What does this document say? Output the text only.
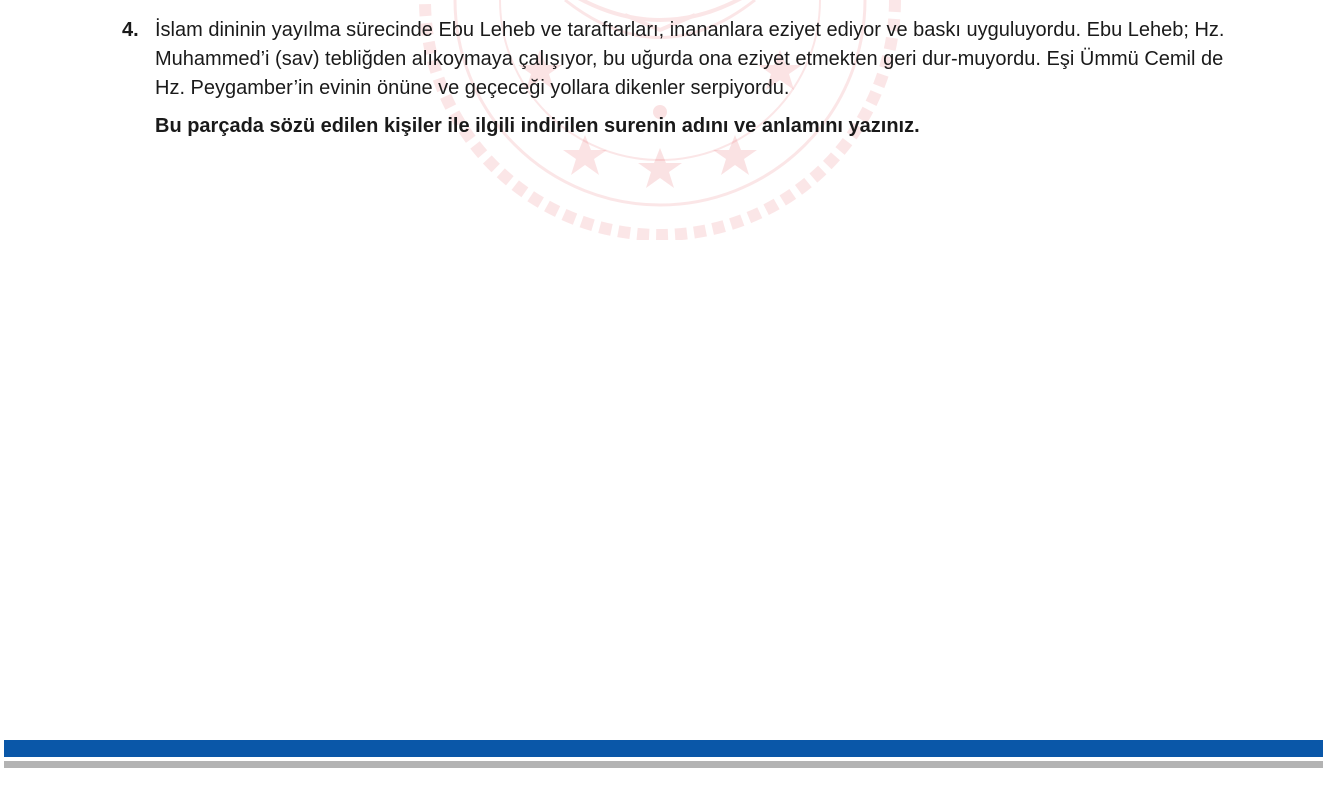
4. İslam dininin yayılma sürecinde Ebu Leheb ve taraftarları, inananlara eziyet ediyor ve baskı uyguluyordu. Ebu Leheb; Hz. Muhammed’i (sav) tebliğden alıkoymaya çalışıyor, bu uğurda ona eziyet etmekten geri dur-muyordu. Eşi Ümmü Cemil de Hz. Peygamber’in evinin önüne ve geçeceği yollara dikenler serpiyordu.

Bu parçada sözü edilen kişiler ile ilgili indirilen surenin adını ve anlamını yazınız.
